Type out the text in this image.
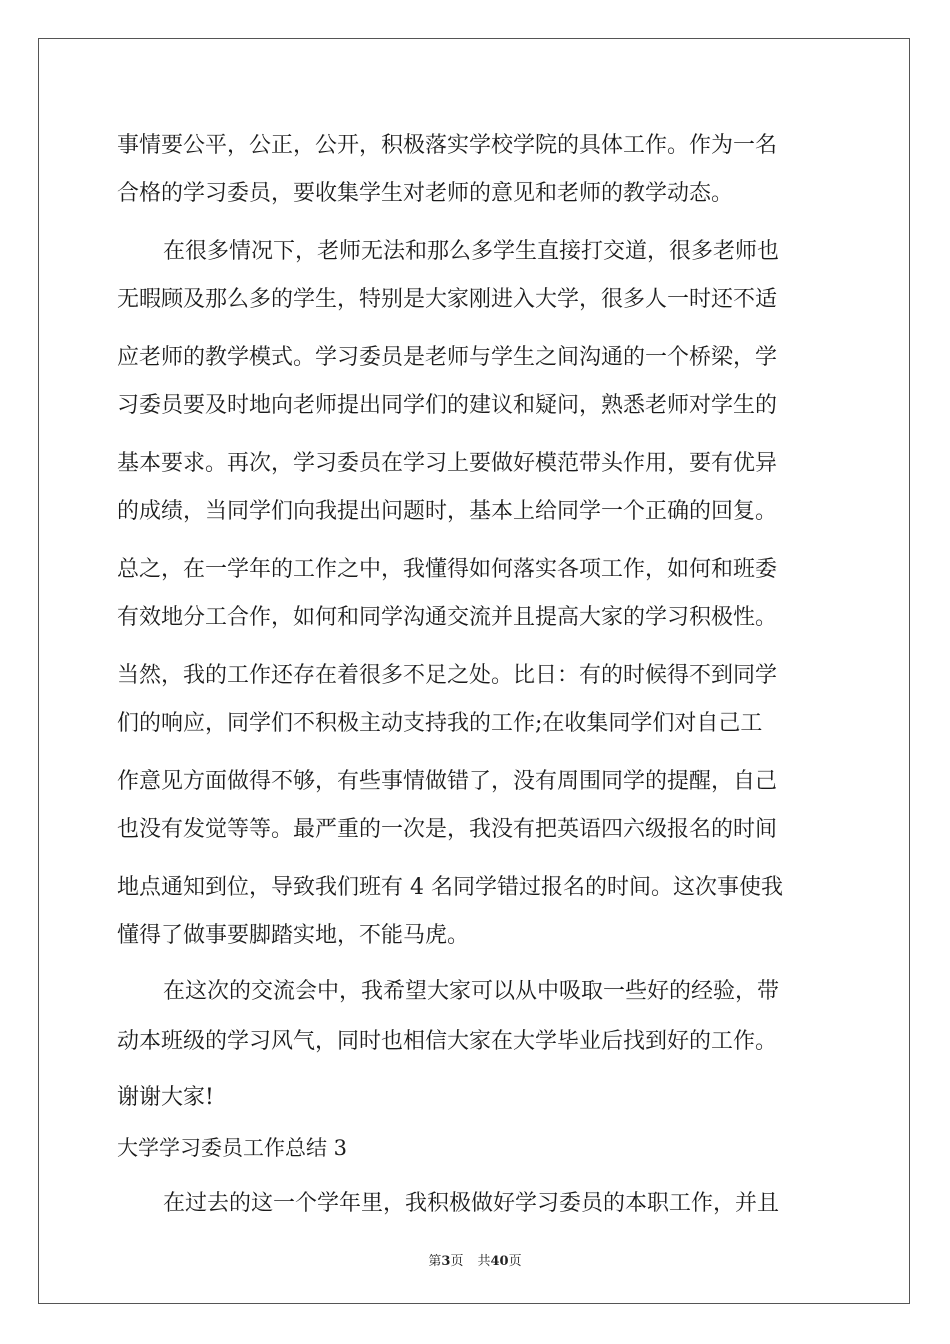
事情要公平，公正，公开，积极落实学校学院的具体工作。作为一名
合格的学习委员，要收集学生对老师的意见和老师的教学动态。
在很多情况下，老师无法和那么多学生直接打交道，很多老师也
无暇顾及那么多的学生，特别是大家刚进入大学，很多人一时还不适
应老师的教学模式。学习委员是老师与学生之间沟通的一个桥梁，学
习委员要及时地向老师提出同学们的建议和疑问，熟悉老师对学生的
基本要求。再次，学习委员在学习上要做好模范带头作用，要有优异
的成绩，当同学们向我提出问题时，基本上给同学一个正确的回复。
总之，在一学年的工作之中，我懂得如何落实各项工作，如何和班委
有效地分工合作，如何和同学沟通交流并且提高大家的学习积极性。
当然，我的工作还存在着很多不足之处。比日：有的时候得不到同学
们的响应，同学们不积极主动支持我的工作;在收集同学们对自己工
作意见方面做得不够，有些事情做错了，没有周围同学的提醒，自己
也没有发觉等等。最严重的一次是，我没有把英语四六级报名的时间
地点通知到位，导致我们班有 4 名同学错过报名的时间。这次事使我
懂得了做事要脚踏实地，不能马虎。
在这次的交流会中，我希望大家可以从中吸取一些好的经验，带
动本班级的学习风气，同时也相信大家在大学毕业后找到好的工作。
谢谢大家!
大学学习委员工作总结 3
在过去的这一个学年里，我积极做好学习委员的本职工作，并且
第3页 共40页
